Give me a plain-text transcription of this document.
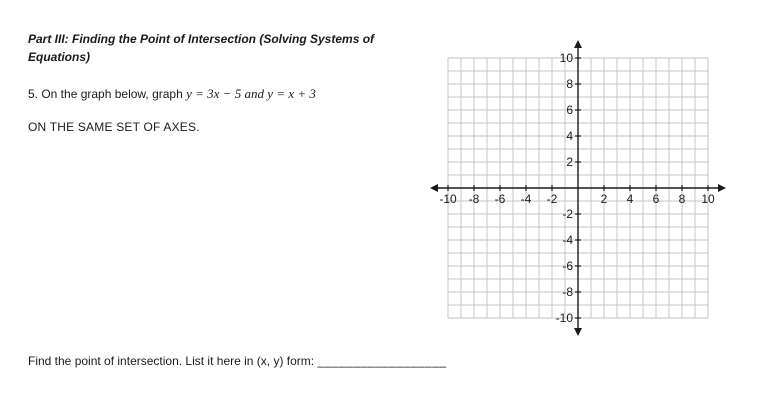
Part III: Finding the Point of Intersection (Solving Systems of
Equations)

5. On the graph below, graph y = 3x − 5 and y = x + 3

ON THE SAME SET OF AXES.

-10 -8 -6 -4 -2	2 4 6 8 10
10
8
6
4
2
-2
-4
-6
-8
-10

Find the point of intersection. List it here in (x, y) form: __________________
